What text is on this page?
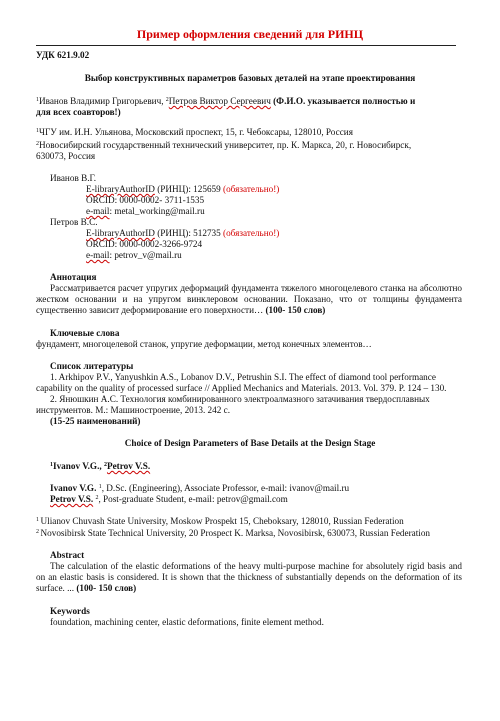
Пример оформления сведений для РИНЦ
УДК 621.9.02
Выбор конструктивных параметров базовых деталей на этапе проектирования
$^1$Иванов Владимир Григорьевич, $^2$Петров Виктор Сергеевич (Ф.И.О. указывается полностью и
для всех соавторов!)
$^1$ЧГУ им. И.Н. Ульянова, Московский проспект, 15, г. Чебоксары, 128010, Россия
$^2$Новосибирский государственный технический университет, пр. К. Маркса, 20, г. Новосибирск,
630073, Россия
Иванов В.Г.
E-libraryAuthorID (РИНЦ): 125659 (обязательно!)
ORCID: 0000-0002- 3711-1535
e-mail: metal_working@mail.ru
Петров В.С.
E-libraryAuthorID (РИНЦ): 512735 (обязательно!)
ORCID: 0000-0002-3266-9724
e-mail: petrov_v@mail.ru
Аннотация
Рассматривается расчет упругих деформаций фундамента тяжелого многоцелевого станка на абсолютно жестком основании и на упругом винклеровом основании. Показано, что от толщины фундамента существенно зависит деформирование его поверхности… (100- 150 слов)
Ключевые слова
фундамент, многоцелевой станок, упругие деформации, метод конечных элементов…
Список литературы
1. Arkhipov P.V., Yanyushkin A.S., Lobanov D.V., Petrushin S.I. The effect of diamond tool performance
capability on the quality of processed surface // Applied Mechanics and Materials. 2013. Vol. 379. P. 124 – 130.
2. Янюшкин А.С. Технология комбинированного электроалмазного затачивания твердосплавных
инструментов. М.: Машиностроение, 2013. 242 с.
(15-25 наименований)
Choice of Design Parameters of Base Details at the Design Stage
$^1$Ivanov V.G., $^2$Petrov V.S.
Ivanov V.G. $^1$, D.Sc. (Engineering), Associate Professor, e-mail: ivanov@mail.ru
Petrov V.S. $^2$, Post-graduate Student, e-mail: petrov@gmail.com
$^1$ Ulianov Chuvash State University, Moskow Prospekt 15, Cheboksary, 128010, Russian Federation
$^2$ Novosibirsk State Technical University, 20 Prospect K. Marksa, Novosibirsk, 630073, Russian Federation
Abstract
The calculation of the elastic deformations of the heavy multi-purpose machine for absolutely rigid basis and on an elastic basis is considered. It is shown that the thickness of substantially depends on the deformation of its surface. ... (100- 150 слов)
Keywords
foundation, machining center, elastic deformations, finite element method.
